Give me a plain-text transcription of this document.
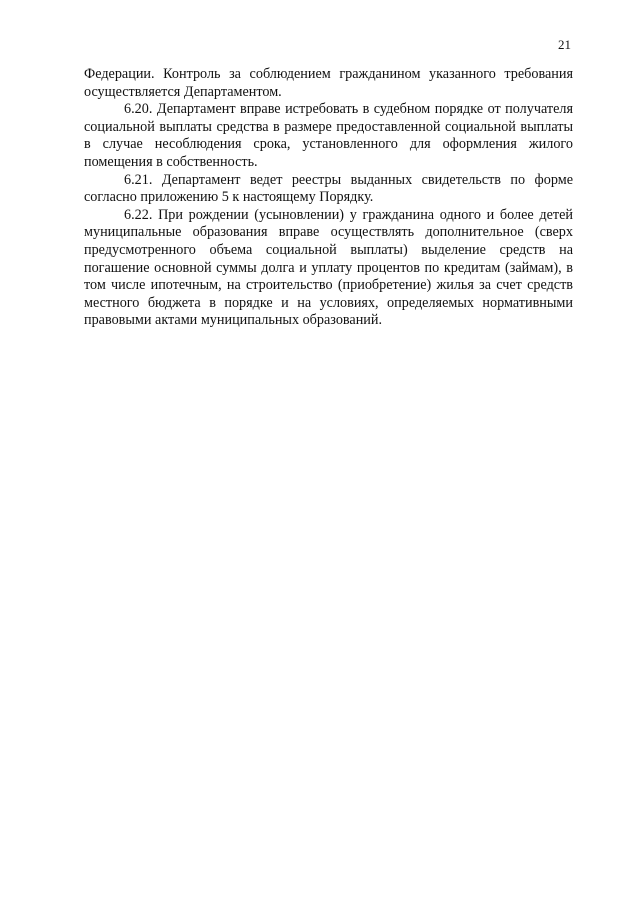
21

Федерации. Контроль за соблюдением гражданином указанного требования осуществляется Департаментом.

6.20. Департамент вправе истребовать в судебном порядке от получателя социальной выплаты средства в размере предоставленной социальной выплаты в случае несоблюдения срока, установленного для оформления жилого помещения в собственность.

6.21. Департамент ведет реестры выданных свидетельств по форме согласно приложению 5 к настоящему Порядку.

6.22. При рождении (усыновлении) у гражданина одного и более детей муниципальные образования вправе осуществлять дополнительное (сверх предусмотренного объема социальной выплаты) выделение средств на погашение основной суммы долга и уплату процентов по кредитам (займам), в том числе ипотечным, на строительство (приобретение) жилья за счет средств местного бюджета в порядке и на условиях, определяемых нормативными правовыми актами муниципальных образований.
